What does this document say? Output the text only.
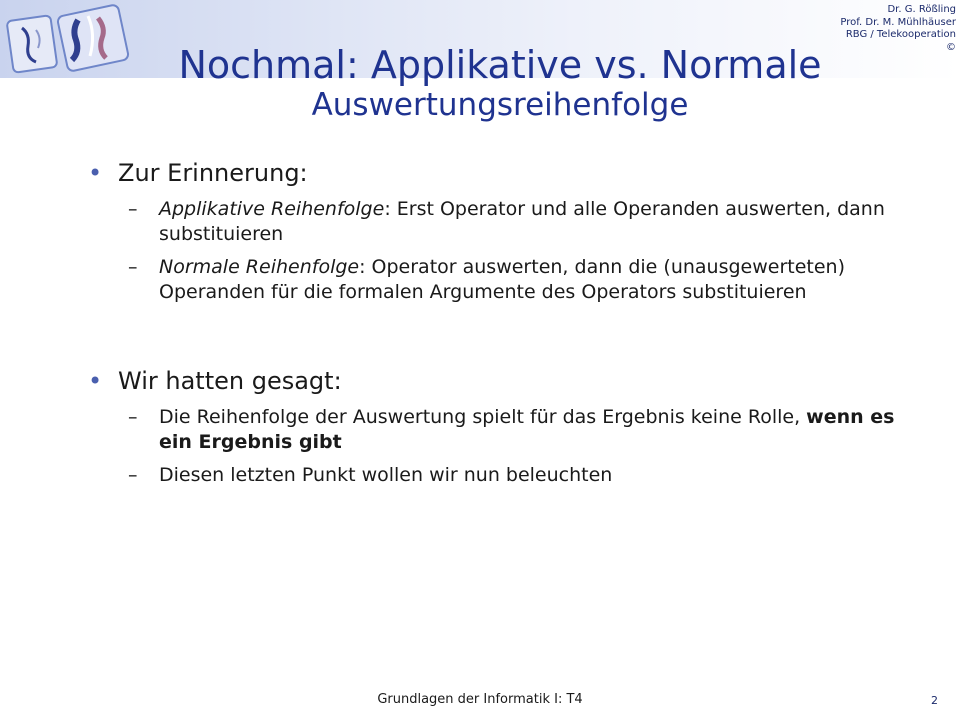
Dr. G. Rößling
Prof. Dr. M. Mühlhäuser
RBG / Telekooperation
©
Nochmal: Applikative vs. Normale
Auswertungsreihenfolge
• Zur Erinnerung:
–	Applikative Reihenfolge: Erst Operator und alle Operanden auswerten, dann substituieren
–	Normale Reihenfolge: Operator auswerten, dann die (unausgewerteten) Operanden für die formalen Argumente des Operators substituieren
• Wir hatten gesagt:
–	Die Reihenfolge der Auswertung spielt für das Ergebnis keine Rolle, wenn es ein Ergebnis gibt
–	Diesen letzten Punkt wollen wir nun beleuchten
Grundlagen der Informatik I: T4	2
